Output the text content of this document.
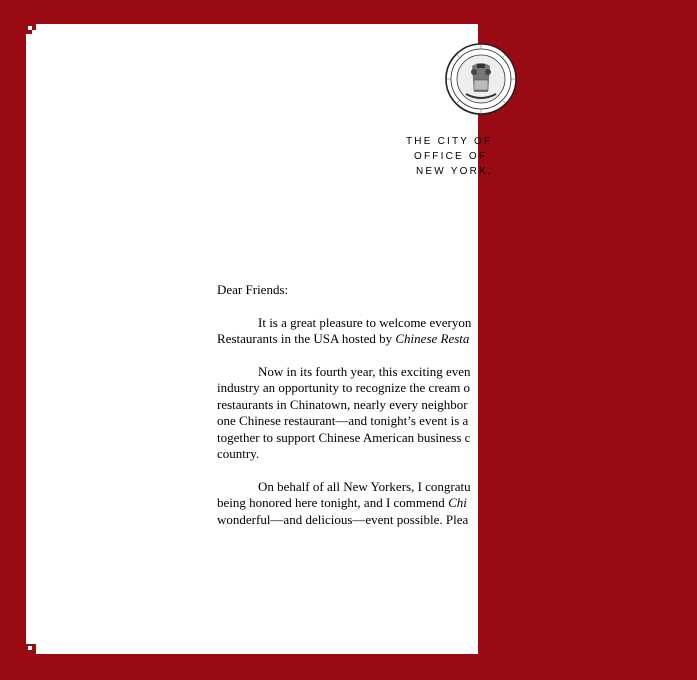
THE CITY OF
OFFICE OF
NEW YORK,

Dear Friends:

It is a great pleasure to welcome everyon

Restaurants in the USA hosted by Chinese Resta

Now in its fourth year, this exciting even

industry an opportunity to recognize the cream o

restaurants in Chinatown, nearly every neighbor

one Chinese restaurant—and tonight’s event is a

together to support Chinese American business c

country.

On behalf of all New Yorkers, I congratu

being honored here tonight, and I commend Chi

wonderful—and delicious—event possible. Plea
